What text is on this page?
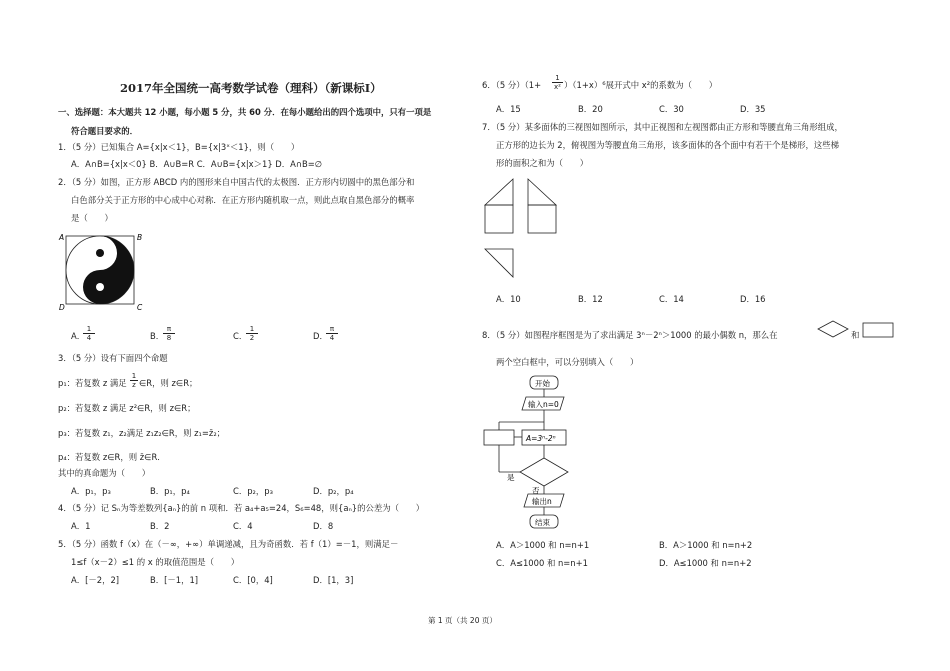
2017年全国统一高考数学试卷（理科）（新课标Ⅰ）
一、选择题：本大题共 12 小题，每小题 5 分，共 60 分．在每小题给出的四个选项中，只有一项是
符合题目要求的．
1．（5 分）已知集合 A={x|x＜1}，B={x|3ˣ＜1}，则（　　）
A．A∩B={x|x＜0} B．A∪B=R C．A∪B={x|x＞1} D．A∩B=∅
2．（5 分）如图，正方形 ABCD 内的图形来自中国古代的太极图．正方形内切圆中的黑色部分和
白色部分关于正方形的中心成中心对称．在正方形内随机取一点，则此点取自黑色部分的概率
是（　　）
A	B
D	C
A．
$\frac{1}{4}$	B．
$\frac{\pi}{8}$	C．
$\frac{1}{2}$	D．
$\frac{\pi}{4}$
3．（5 分）设有下面四个命题
p₁：若复数 z 满足 $\frac{1}{z}$ ∈R，则 z∈R；
p₂：若复数 z 满足 z²∈R，则 z∈R；
p₃：若复数 z₁，z₂满足 z₁z₂∈R，则 z₁=z̄₂；
p₄：若复数 z∈R，则 z̄∈R．
其中的真命题为（　　）
A．p₁，p₃	B．p₁，p₄	C．p₂，p₃	D．p₂，p₄
4．（5 分）记 Sₙ为等差数列{aₙ}的前 n 项和．若 a₄+a₅=24，S₆=48，则{aₙ}的公差为（　　）
A．1	B．2	C．4	D．8
5．（5 分）函数 f（x）在（－∞，+∞）单调递减，且为奇函数．若 f（1）=－1，则满足－
1≤f（x－2）≤1 的 x 的取值范围是（　　）
A．[－2，2]	B．[－1，1]	C．[0，4]	D．[1，3]
6．（5 分）$(1+ \frac{1}{\text{x²}} )(1+x)^6$展开式中 x²的系数为（　　）
A．15	B．20	C．30	D．35
7．（5 分）某多面体的三视图如图所示，其中正视图和左视图都由正方形和等腰直角三角形组成，
正方形的边长为 2，俯视图为等腰直角三角形，该多面体的各个面中有若干个是梯形，这些梯
形的面积之和为（　　）
A．10	B．12	C．14	D．16
8．（5 分）如图程序框图是为了求出满足 3ⁿ－2ⁿ＞1000 的最小偶数 n，那么在	和
两个空白框中，可以分别填入（　　）
开始
输入n=0
A=3ⁿ-2ⁿ
是
否
输出n
结束
A．A＞1000 和 n=n+1	B．A＞1000 和 n=n+2
C．A≤1000 和 n=n+1	D．A≤1000 和 n=n+2
第 1 页（共 20 页）
